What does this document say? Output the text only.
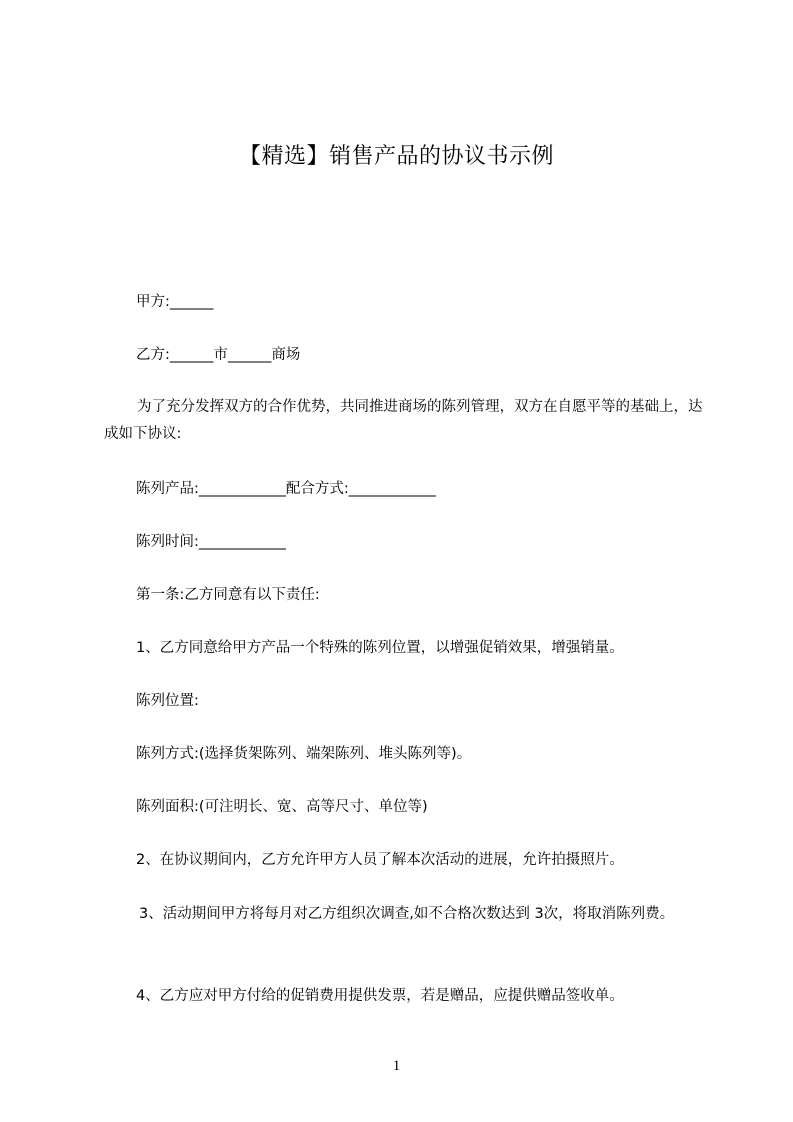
【精选】销售产品的协议书示例
甲方:______
乙方:______市______商场
为了充分发挥双方的合作优势，共同推进商场的陈列管理，双方在自愿平等的基础上，达成如下协议:
陈列产品:____________配合方式:____________
陈列时间:____________
第一条:乙方同意有以下责任:
1、乙方同意给甲方产品一个特殊的陈列位置，以增强促销效果，增强销量。
陈列位置:
陈列方式:(选择货架陈列、端架陈列、堆头陈列等)。
陈列面积:(可注明长、宽、高等尺寸、单位等)
2、在协议期间内，乙方允许甲方人员了解本次活动的进展，允许拍摄照片。
3、活动期间甲方将每月对乙方组织次调查,如不合格次数达到 3次，将取消陈列费。
4、乙方应对甲方付给的促销费用提供发票，若是赠品，应提供赠品签收单。
1
